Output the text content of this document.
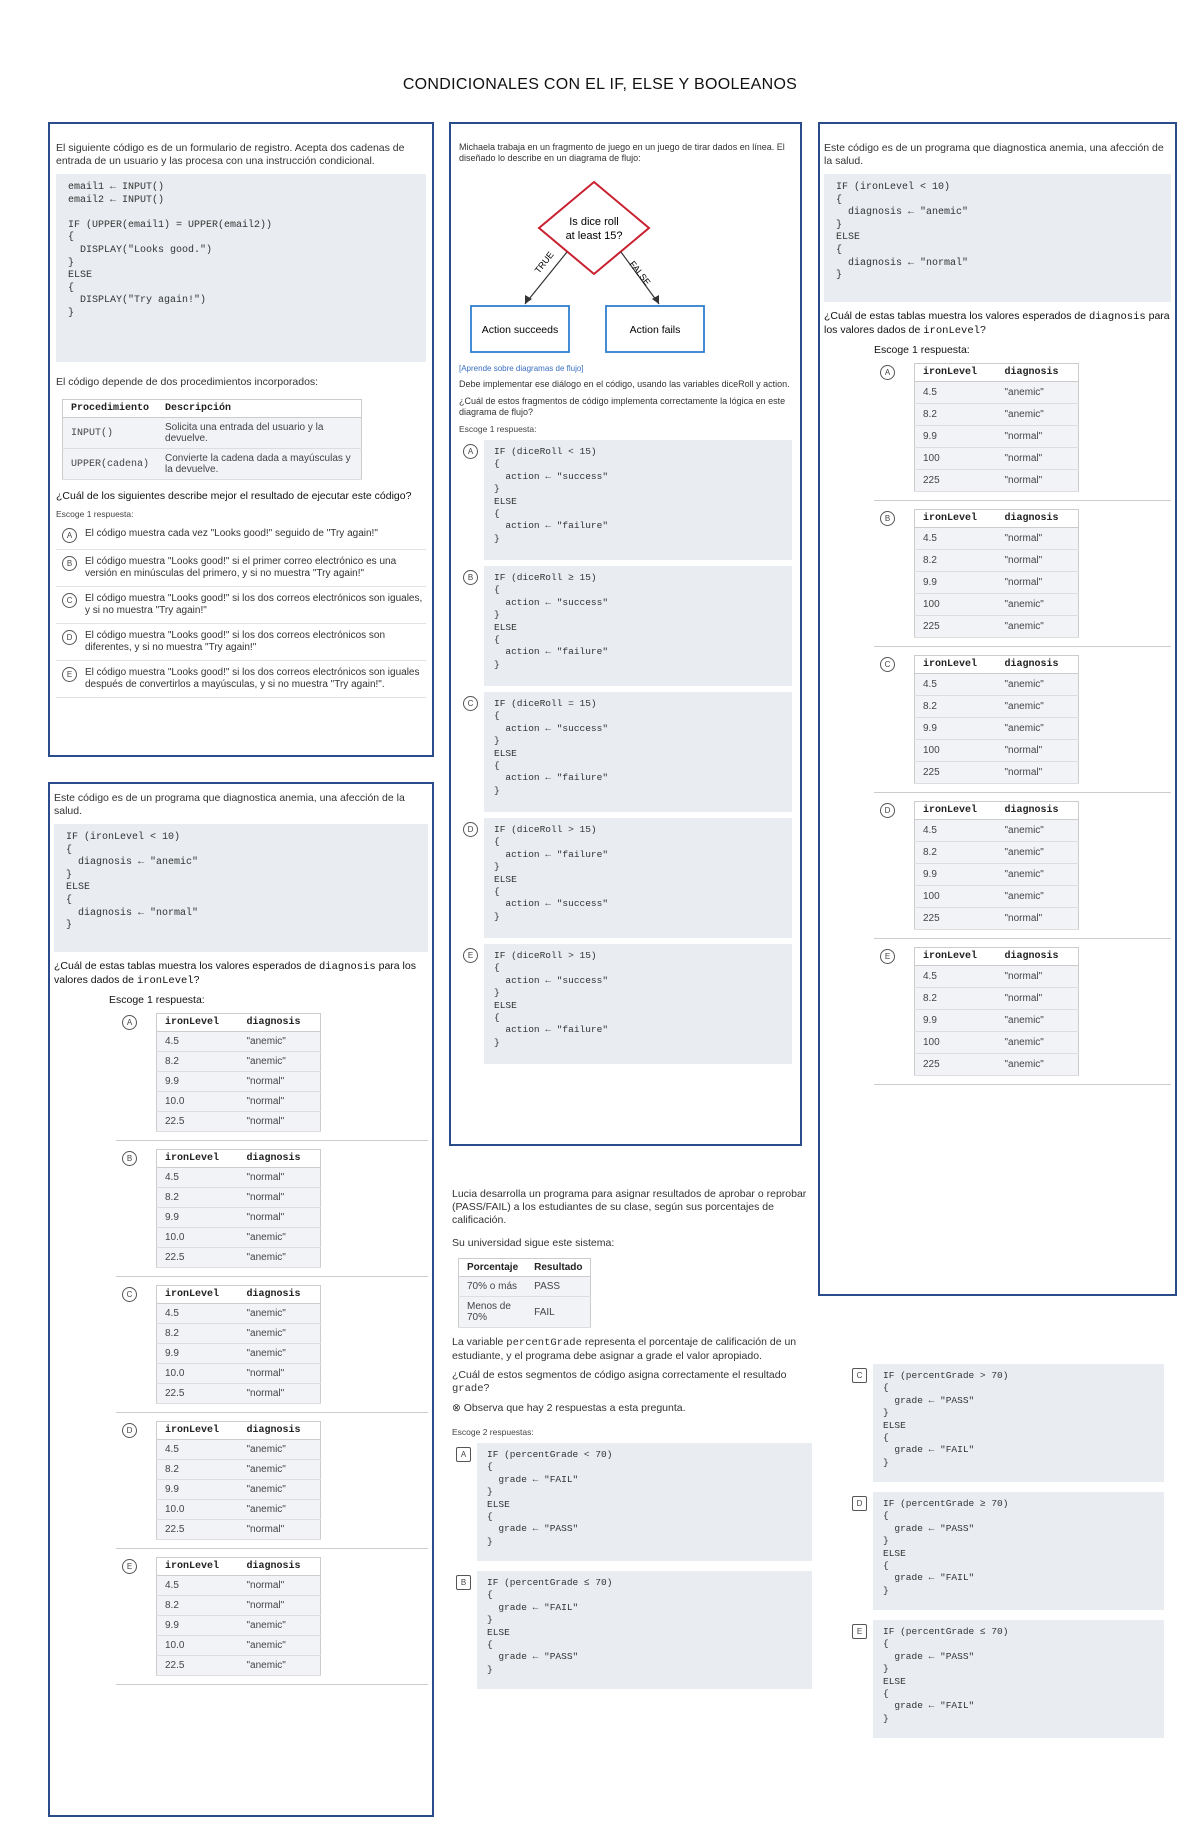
CONDICIONALES CON EL IF, ELSE Y BOOLEANOS

El siguiente código es de un formulario de registro. Acepta dos cadenas de entrada de un usuario y las procesa con una instrucción condicional.

email1 ← INPUT()
email2 ← INPUT()

IF (UPPER(email1) = UPPER(email2))
{
DISPLAY("Looks good.")
}
ELSE
{
DISPLAY("Try again!")
}

El código depende de dos procedimientos incorporados:

Procedimiento	Descripción
INPUT()	Solicita una entrada del usuario y la devuelve.
UPPER(cadena)	Convierte la cadena dada a mayúsculas y la devuelve.

¿Cuál de los siguientes describe mejor el resultado de ejecutar este código?

Escoge 1 respuesta:

A	El código muestra cada vez "Looks good!" seguido de "Try again!"
B	El código muestra "Looks good!" si el primer correo electrónico es una versión en minúsculas del primero, y si no muestra "Try again!"
C	El código muestra "Looks good!" si los dos correos electrónicos son iguales, y si no muestra "Try again!"
D	El código muestra "Looks good!" si los dos correos electrónicos son diferentes, y si no muestra "Try again!"
E	El código muestra "Looks good!" si los dos correos electrónicos son iguales después de convertirlos a mayúsculas, y si no muestra "Try again!".

Michaela trabaja en un fragmento de juego en un juego de tirar dados en línea. El diseñado lo describe en un diagrama de flujo:

Is dice roll
at least 15?
TRUE	FALSE
Action succeeds	Action fails

[Aprende sobre diagramas de flujo]

Debe implementar ese diálogo en el código, usando las variables diceRoll y action.

¿Cuál de estos fragmentos de código implementa correctamente la lógica en este diagrama de flujo?

Escoge 1 respuesta:

A	IF (diceRoll < 15)
{
action ← "success"
}
ELSE
{
action ← "failure"
}
B	IF (diceRoll ≥ 15)
{
action ← "success"
}
ELSE
{
action ← "failure"
}
C	IF (diceRoll = 15)
{
action ← "success"
}
ELSE
{
action ← "failure"
}
D	IF (diceRoll > 15)
{
action ← "failure"
}
ELSE
{
action ← "success"
}
E	IF (diceRoll > 15)
{
action ← "success"
}
ELSE
{
action ← "failure"
}

Este código es de un programa que diagnostica anemia, una afección de la salud.

IF (ironLevel < 10)
{
diagnosis ← "anemic"
}
ELSE
{
diagnosis ← "normal"
}

¿Cuál de estas tablas muestra los valores esperados de diagnosis para los valores dados de ironLevel?

Escoge 1 respuesta:

A	ironLevel	diagnosis
4.5	"anemic"
8.2	"anemic"
9.9	"normal"
100	"normal"
225	"normal"
B	ironLevel	diagnosis
4.5	"normal"
8.2	"normal"
9.9	"normal"
100	"anemic"
225	"anemic"
C	ironLevel	diagnosis
4.5	"anemic"
8.2	"anemic"
9.9	"anemic"
100	"normal"
225	"normal"
D	ironLevel	diagnosis
4.5	"anemic"
8.2	"anemic"
9.9	"anemic"
100	"anemic"
225	"normal"
E	ironLevel	diagnosis
4.5	"normal"
8.2	"normal"
9.9	"anemic"
100	"anemic"
225	"anemic"

Este código es de un programa que diagnostica anemia, una afección de la salud.

IF (ironLevel < 10)
{
diagnosis ← "anemic"
}
ELSE
{
diagnosis ← "normal"
}

¿Cuál de estas tablas muestra los valores esperados de diagnosis para los valores dados de ironLevel?

Escoge 1 respuesta:

A	ironLevel	diagnosis
4.5	"anemic"
8.2	"anemic"
9.9	"normal"
10.0	"normal"
22.5	"normal"
B	ironLevel	diagnosis
4.5	"normal"
8.2	"normal"
9.9	"normal"
10.0	"anemic"
22.5	"anemic"
C	ironLevel	diagnosis
4.5	"anemic"
8.2	"anemic"
9.9	"anemic"
10.0	"normal"
22.5	"normal"
D	ironLevel	diagnosis
4.5	"anemic"
8.2	"anemic"
9.9	"anemic"
10.0	"anemic"
22.5	"normal"
E	ironLevel	diagnosis
4.5	"normal"
8.2	"normal"
9.9	"anemic"
10.0	"anemic"
22.5	"anemic"

Lucia desarrolla un programa para asignar resultados de aprobar o reprobar (PASS/FAIL) a los estudiantes de su clase, según sus porcentajes de calificación.

Su universidad sigue este sistema:

Porcentaje	Resultado
70% o más	PASS
Menos de 70%	FAIL

La variable percentGrade representa el porcentaje de calificación de un estudiante, y el programa debe asignar a grade el valor apropiado.

¿Cuál de estos segmentos de código asigna correctamente el resultado grade?

⊗ Observa que hay 2 respuestas a esta pregunta.

Escoge 2 respuestas:

A	IF (percentGrade < 70)
{
grade ← "FAIL"
}
ELSE
{
grade ← "PASS"
}
B	IF (percentGrade ≤ 70)
{
grade ← "FAIL"
}
ELSE
{
grade ← "PASS"
}
C	IF (percentGrade > 70)
{
grade ← "PASS"
}
ELSE
{
grade ← "FAIL"
}
D	IF (percentGrade ≥ 70)
{
grade ← "PASS"
}
ELSE
{
grade ← "FAIL"
}
E	IF (percentGrade ≤ 70)
{
grade ← "PASS"
}
ELSE
{
grade ← "FAIL"
}
